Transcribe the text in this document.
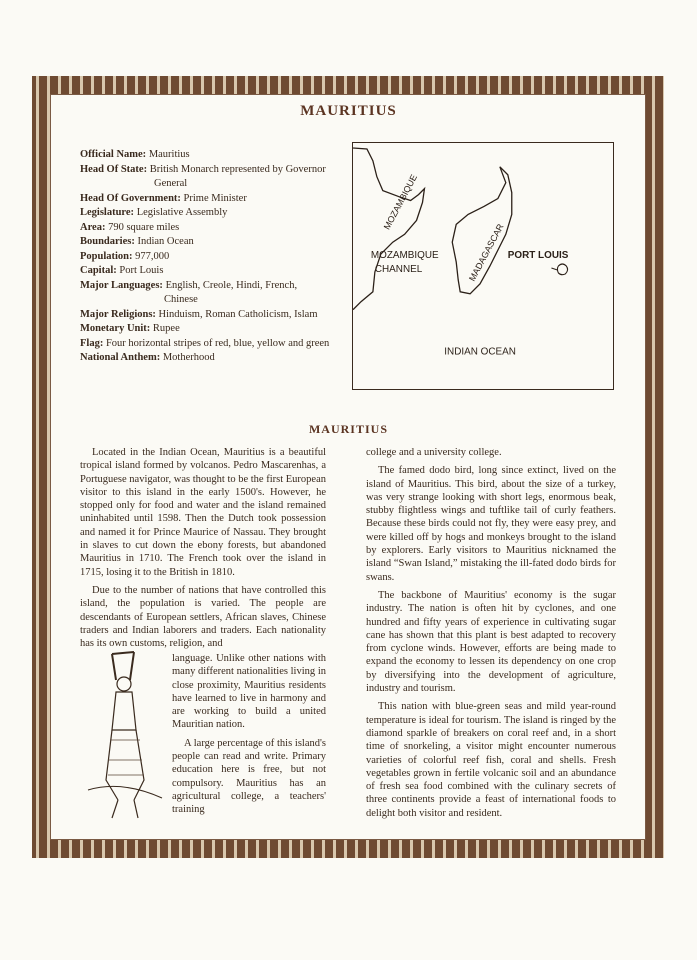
MAURITIUS

Official Name: Mauritius

Head Of State: British Monarch represented by Governor General

Head Of Government: Prime Minister

Legislature: Legislative Assembly

Area: 790 square miles

Boundaries: Indian Ocean

Population: 977,000

Capital: Port Louis

Major Languages: English, Creole, Hindi, French, Chinese

Major Religions: Hinduism, Roman Catholicism, Islam

Monetary Unit: Rupee

Flag: Four horizontal stripes of red, blue, yellow and green

National Anthem: Motherhood

MOZAMBIQUE
MADAGASCAR
MOZAMBIQUE
CHANNEL
PORT LOUIS
INDIAN OCEAN
MAURITIUS

Located in the Indian Ocean, Mauritius is a beautiful tropical island formed by volcanos. Pedro Mascarenhas, a Portuguese navigator, was thought to be the first European visitor to this island in the early 1500's. However, he stopped only for food and water and the island remained uninhabited until 1598. Then the Dutch took possession and named it for Prince Maurice of Nassau. They brought in slaves to cut down the ebony forests, but abandoned Mauritius in 1710. The French took over the island in 1715, losing it to the British in 1810.

Due to the number of nations that have controlled this island, the population is varied. The people are descendants of European settlers, African slaves, Chinese traders and Indian laborers and traders. Each nationality has its own customs, religion, and

language. Unlike other nations with many different nationalities living in close proximity, Mauritius residents have learned to live in harmony and are working to build a united Mauritian nation.

A large percentage of this island's people can read and write. Primary education here is free, but not compulsory. Mauritius has an agricultural college, a teachers' training

college and a university college.

The famed dodo bird, long since extinct, lived on the island of Mauritius. This bird, about the size of a turkey, was very strange looking with short legs, enormous beak, stubby flightless wings and tuftlike tail of curly feathers. Because these birds could not fly, they were easy prey, and were killed off by hogs and monkeys brought to the island by explorers. Early visitors to Mauritius nicknamed the island “Swan Island,” mistaking the ill-fated dodo birds for swans.

The backbone of Mauritius' economy is the sugar industry. The nation is often hit by cyclones, and one hundred and fifty years of experience in cultivating sugar cane has shown that this plant is best adapted to recovery from cyclone winds. However, efforts are being made to expand the economy to lessen its dependency on one crop by diversifying into the development of agriculture, industry and tourism.

This nation with blue-green seas and mild year-round temperature is ideal for tourism. The island is ringed by the diamond sparkle of breakers on coral reef and, in a short time of snorkeling, a visitor might encounter numerous varieties of colorful reef fish, coral and shells. Fresh vegetables grown in fertile volcanic soil and an abundance of fresh sea food combined with the culinary secrets of three continents provide a feast of international foods to delight both visitor and resident.
